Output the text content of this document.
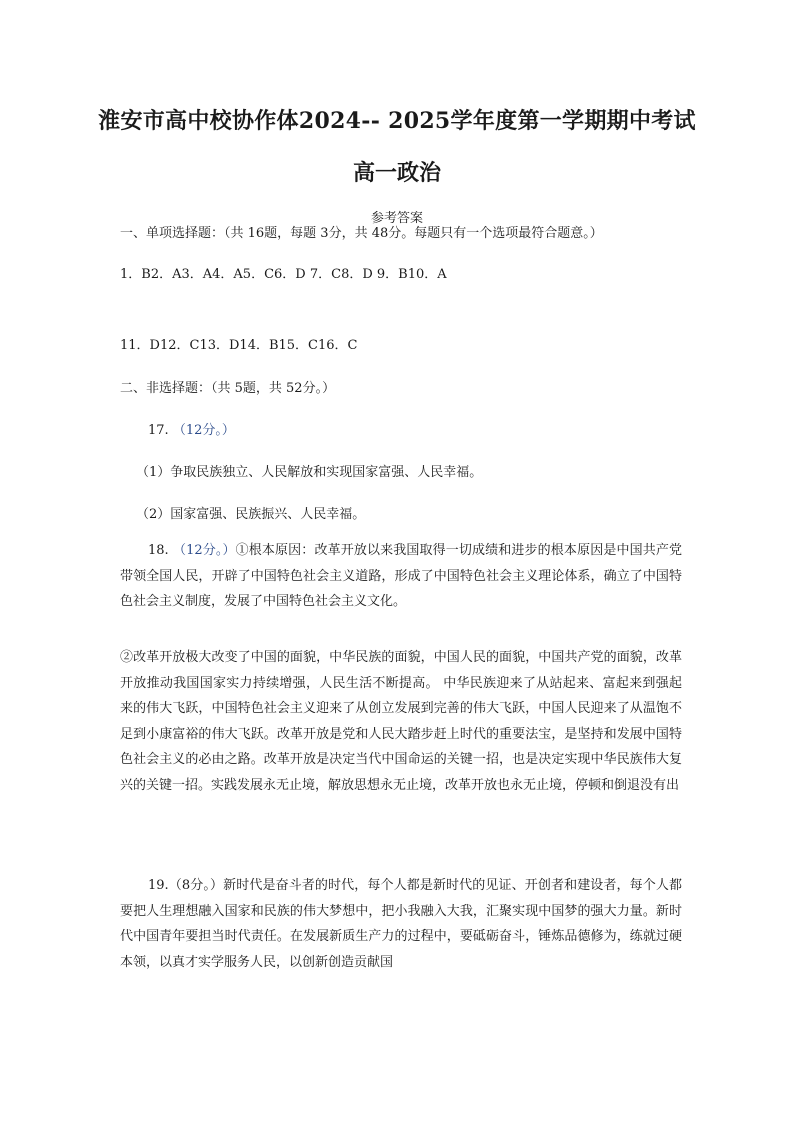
淮安市高中校协作体2024-- 2025学年度第一学期期中考试
高一政治
参考答案
一、单项选择题：（共 16题，每题 3分，共 48分。每题只有一个选项最符合题意。）
1．B2．A3．A4．A5．C6．D 7．C8．D 9．B10．A
11．D12．C13．D14．B15．C16．C
二、非选择题：（共 5题，共 52分。）
17. （12分。）
（1）争取民族独立、人民解放和实现国家富强、人民幸福。
（2）国家富强、民族振兴、人民幸福。
18. （12分。）①根本原因：改革开放以来我国取得一切成绩和进步的根本原因是中国共产党带领全国人民，开辟了中国特色社会主义道路，形成了中国特色社会主义理论体系，确立了中国特色社会主义制度，发展了中国特色社会主义文化。
②改革开放极大改变了中国的面貌，中华民族的面貌，中国人民的面貌，中国共产党的面貌，改革开放推动我国国家实力持续增强，人民生活不断提高。 中华民族迎来了从站起来、富起来到强起来的伟大飞跃，中国特色社会主义迎来了从创立发展到完善的伟大飞跃，中国人民迎来了从温饱不足到小康富裕的伟大飞跃。改革开放是党和人民大踏步赶上时代的重要法宝，是坚持和发展中国特色社会主义的必由之路。改革开放是决定当代中国命运的关键一招，也是决定实现中华民族伟大复兴的关键一招。实践发展永无止境，解放思想永无止境，改革开放也永无止境，停顿和倒退没有出
19.（8分。）新时代是奋斗者的时代，每个人都是新时代的见证、开创者和建设者，每个人都要把人生理想融入国家和民族的伟大梦想中，把小我融入大我，汇聚实现中国梦的强大力量。新时代中国青年要担当时代责任。在发展新质生产力的过程中，要砥砺奋斗，锤炼品德修为，练就过硬本领，以真才实学服务人民，以创新创造贡献国
